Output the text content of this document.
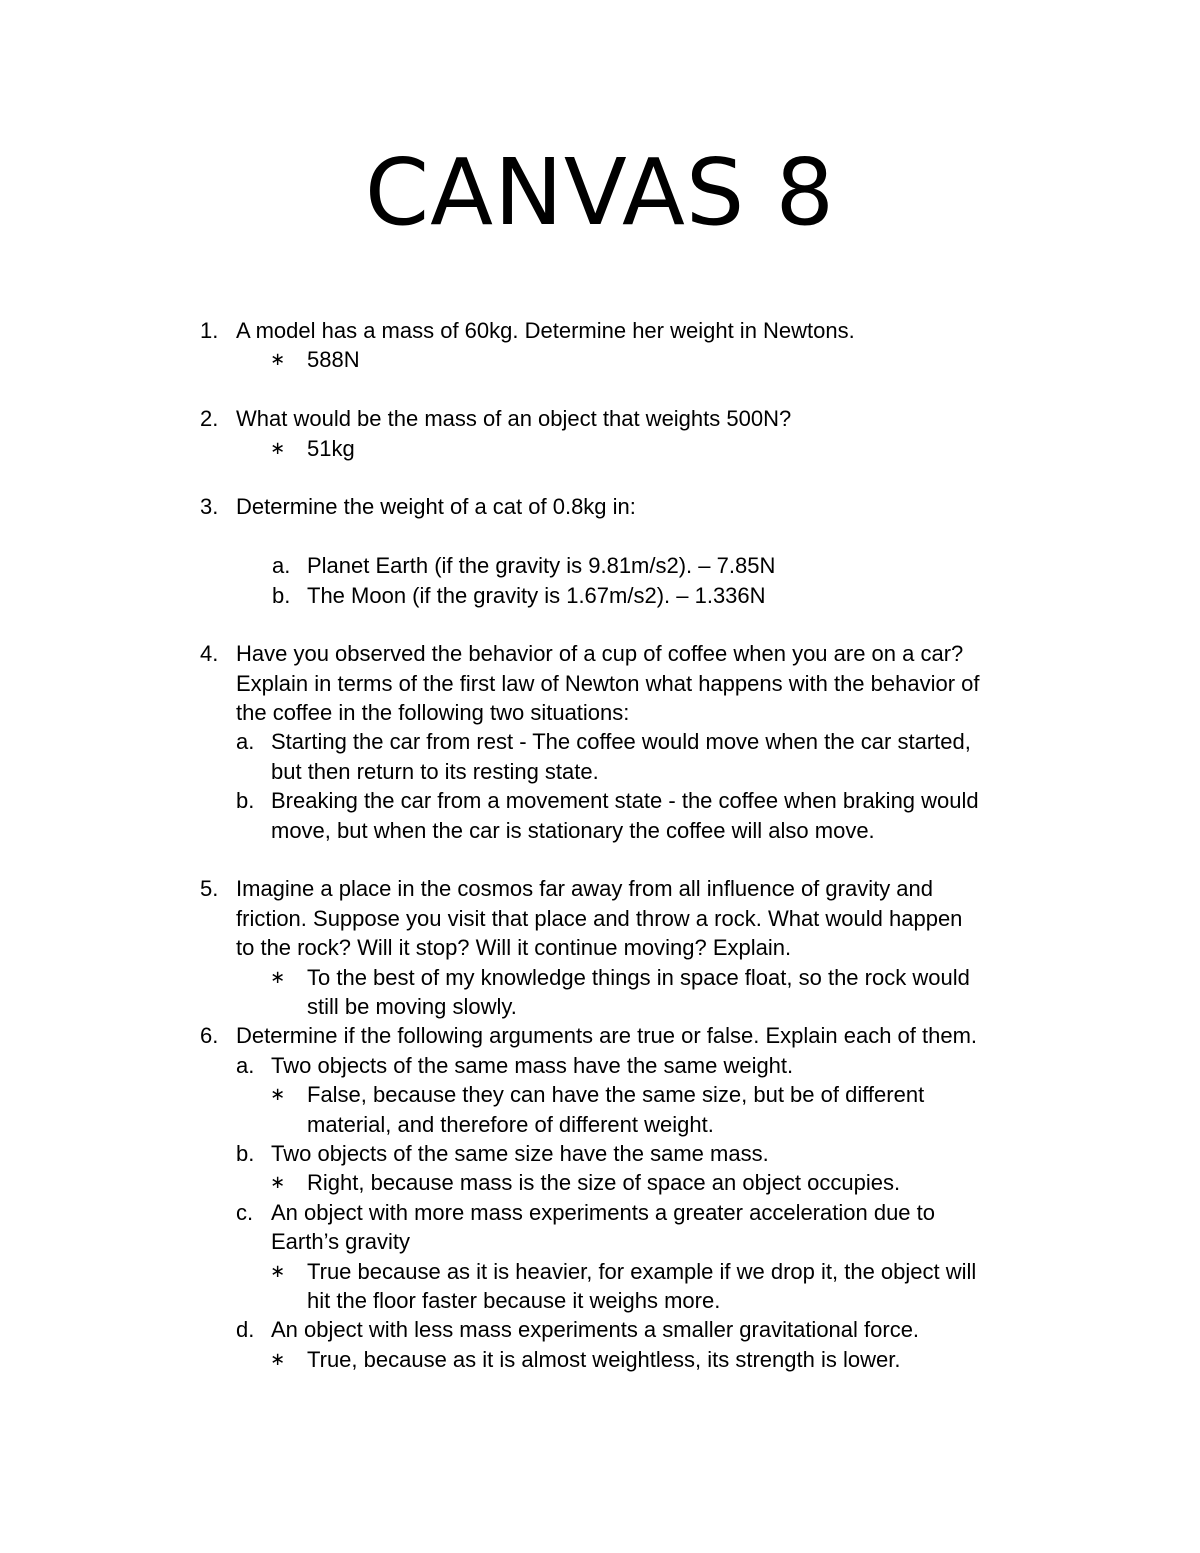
CANVAS 8
1. A model has a mass of 60kg. Determine her weight in Newtons.
∗ 588N
2. What would be the mass of an object that weights 500N?
∗ 51kg
3. Determine the weight of a cat of 0.8kg in:
a. Planet Earth (if the gravity is 9.81m/s2). – 7.85N
b. The Moon (if the gravity is 1.67m/s2). – 1.336N
4. Have you observed the behavior of a cup of coffee when you are on a car?
Explain in terms of the first law of Newton what happens with the behavior of
the coffee in the following two situations:
a. Starting the car from rest - The coffee would move when the car started,
but then return to its resting state.
b. Breaking the car from a movement state - the coffee when braking would
move, but when the car is stationary the coffee will also move.
5. Imagine a place in the cosmos far away from all influence of gravity and
friction. Suppose you visit that place and throw a rock. What would happen
to the rock? Will it stop? Will it continue moving? Explain.
∗ To the best of my knowledge things in space float, so the rock would
still be moving slowly.
6. Determine if the following arguments are true or false. Explain each of them.
a. Two objects of the same mass have the same weight.
∗ False, because they can have the same size, but be of different
material, and therefore of different weight.
b. Two objects of the same size have the same mass.
∗ Right, because mass is the size of space an object occupies.
c. An object with more mass experiments a greater acceleration due to
Earth’s gravity
∗ True because as it is heavier, for example if we drop it, the object will
hit the floor faster because it weighs more.
d. An object with less mass experiments a smaller gravitational force.
∗ True, because as it is almost weightless, its strength is lower.
